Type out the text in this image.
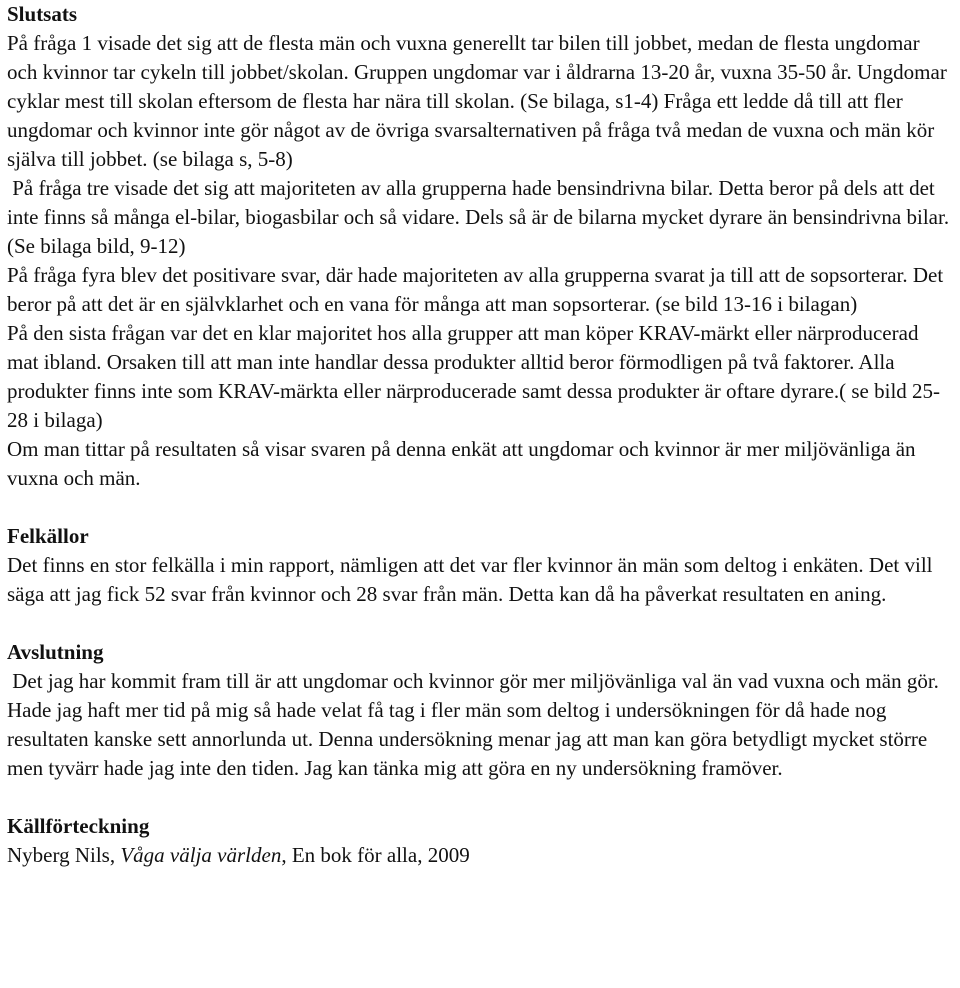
Slutsats

På fråga 1 visade det sig att de flesta män och vuxna generellt tar bilen till jobbet, medan de flesta ungdomar och kvinnor tar cykeln till jobbet/skolan. Gruppen ungdomar var i åldrarna 13-20 år, vuxna 35-50 år. Ungdomar cyklar mest till skolan eftersom de flesta har nära till skolan. (Se bilaga, s1-4) Fråga ett ledde då till att fler ungdomar och kvinnor inte gör något av de övriga svarsalternativen på fråga två medan de vuxna och män kör själva till jobbet. (se bilaga s, 5-8)

På fråga tre visade det sig att majoriteten av alla grupperna hade bensindrivna bilar. Detta beror på dels att det inte finns så många el-bilar, biogasbilar och så vidare. Dels så är de bilarna mycket dyrare än bensindrivna bilar. (Se bilaga bild, 9-12)

På fråga fyra blev det positivare svar, där hade majoriteten av alla grupperna svarat ja till att de sopsorterar. Det beror på att det är en självklarhet och en vana för många att man sopsorterar. (se bild 13-16 i bilagan)

På den sista frågan var det en klar majoritet hos alla grupper att man köper KRAV-märkt eller närproducerad mat ibland. Orsaken till att man inte handlar dessa produkter alltid beror förmodligen på två faktorer. Alla produkter finns inte som KRAV-märkta eller närproducerade samt dessa produkter är oftare dyrare.( se bild 25-28 i bilaga)

Om man tittar på resultaten så visar svaren på denna enkät att ungdomar och kvinnor är mer miljövänliga än vuxna och män.

Felkällor

Det finns en stor felkälla i min rapport, nämligen att det var fler kvinnor än män som deltog i enkäten. Det vill säga att jag fick 52 svar från kvinnor och 28 svar från män. Detta kan då ha påverkat resultaten en aning.

Avslutning

Det jag har kommit fram till är att ungdomar och kvinnor gör mer miljövänliga val än vad vuxna och män gör. Hade jag haft mer tid på mig så hade velat få tag i fler män som deltog i undersökningen för då hade nog resultaten kanske sett annorlunda ut. Denna undersökning menar jag att man kan göra betydligt mycket större men tyvärr hade jag inte den tiden. Jag kan tänka mig att göra en ny undersökning framöver.

Källförteckning

Nyberg Nils, Våga välja världen, En bok för alla, 2009
